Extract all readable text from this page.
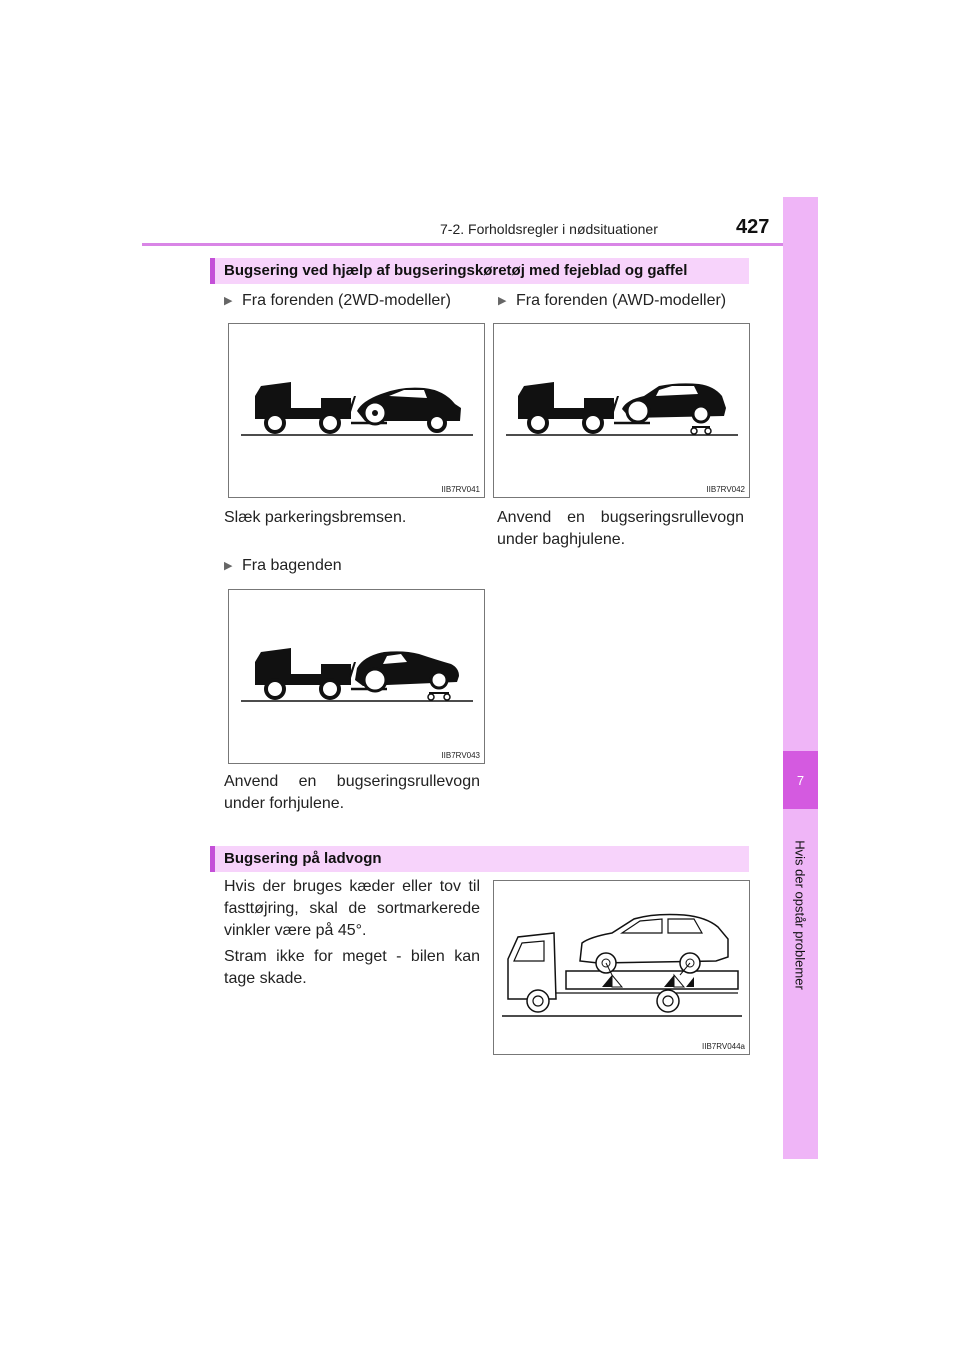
7-2. Forholdsregler i nødsituationer	427
7
Hvis der opstår problemer
Bugsering ved hjælp af bugseringskøretøj med fejeblad og gaffel
▶ Fra forenden (2WD-modeller)	▶ Fra forenden (AWD-modeller)
IIB7RV041	IIB7RV042
Slæk parkeringsbremsen.	Anvend en bugseringsrullevogn under baghjulene.
▶ Fra bagenden
IIB7RV043
Anvend en bugseringsrullevogn under forhjulene.
Bugsering på ladvogn
Hvis der bruges kæder eller tov til fasttøjring, skal de sortmarkerede vinkler være på 45°.
Stram ikke for meget - bilen kan tage skade.
IIB7RV044a
